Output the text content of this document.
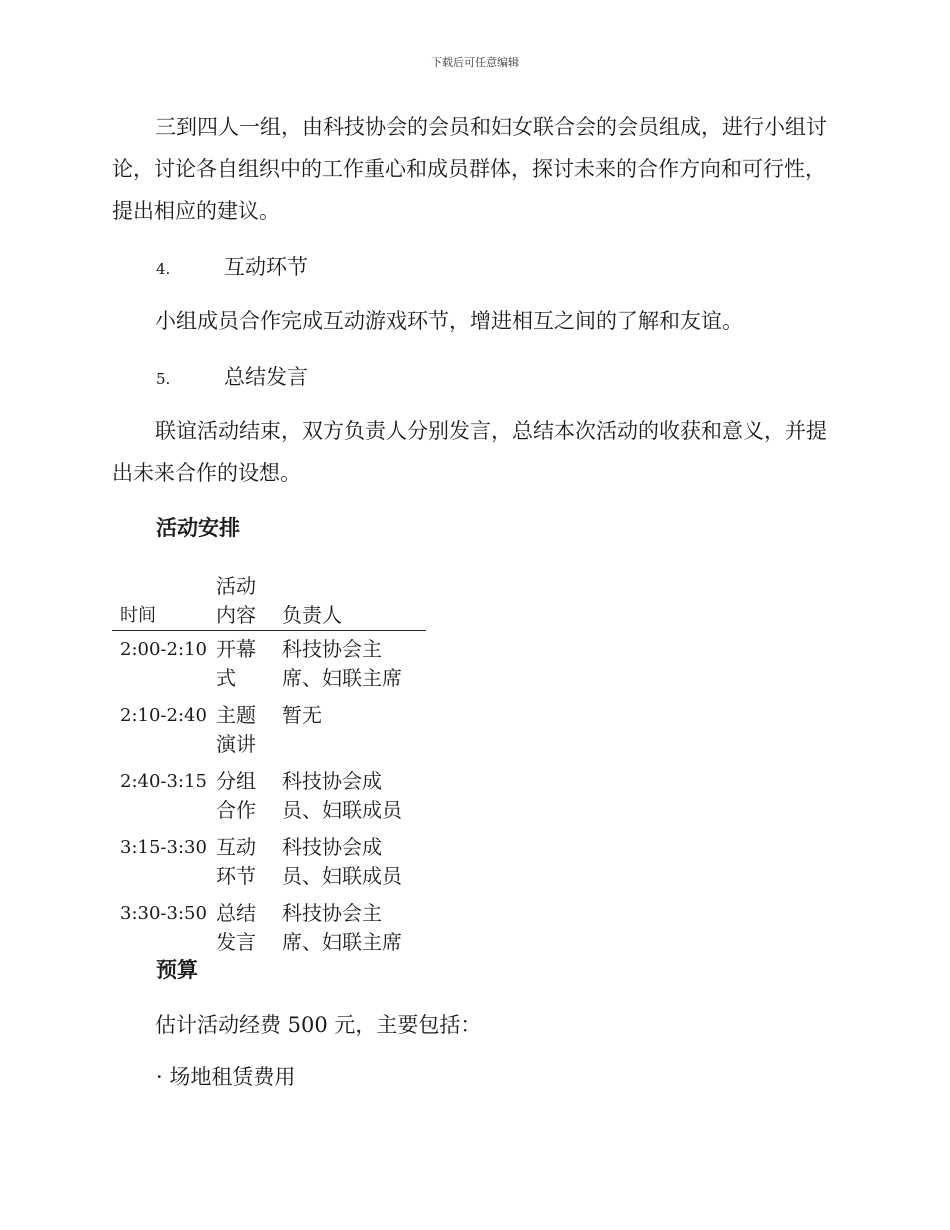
下载后可任意编辑

三到四人一组，由科技协会的会员和妇女联合会的会员组成，进行小组讨论，讨论各自组织中的工作重心和成员群体，探讨未来的合作方向和可行性，提出相应的建议。

4.	互动环节

小组成员合作完成互动游戏环节，增进相互之间的了解和友谊。

5.	总结发言

联谊活动结束，双方负责人分别发言，总结本次活动的收获和意义，并提出未来合作的设想。

活动安排
时间	活动内容	负责人
2:00-2:10	开幕式	科技协会主席、妇联主席
2:10-2:40	主题演讲	暂无
2:40-3:15	分组合作	科技协会成员、妇联成员
3:15-3:30	互动环节	科技协会成员、妇联成员
3:30-3:50	总结发言	科技协会主席、妇联主席
预算

估计活动经费 500 元，主要包括：

· 场地租赁费用
